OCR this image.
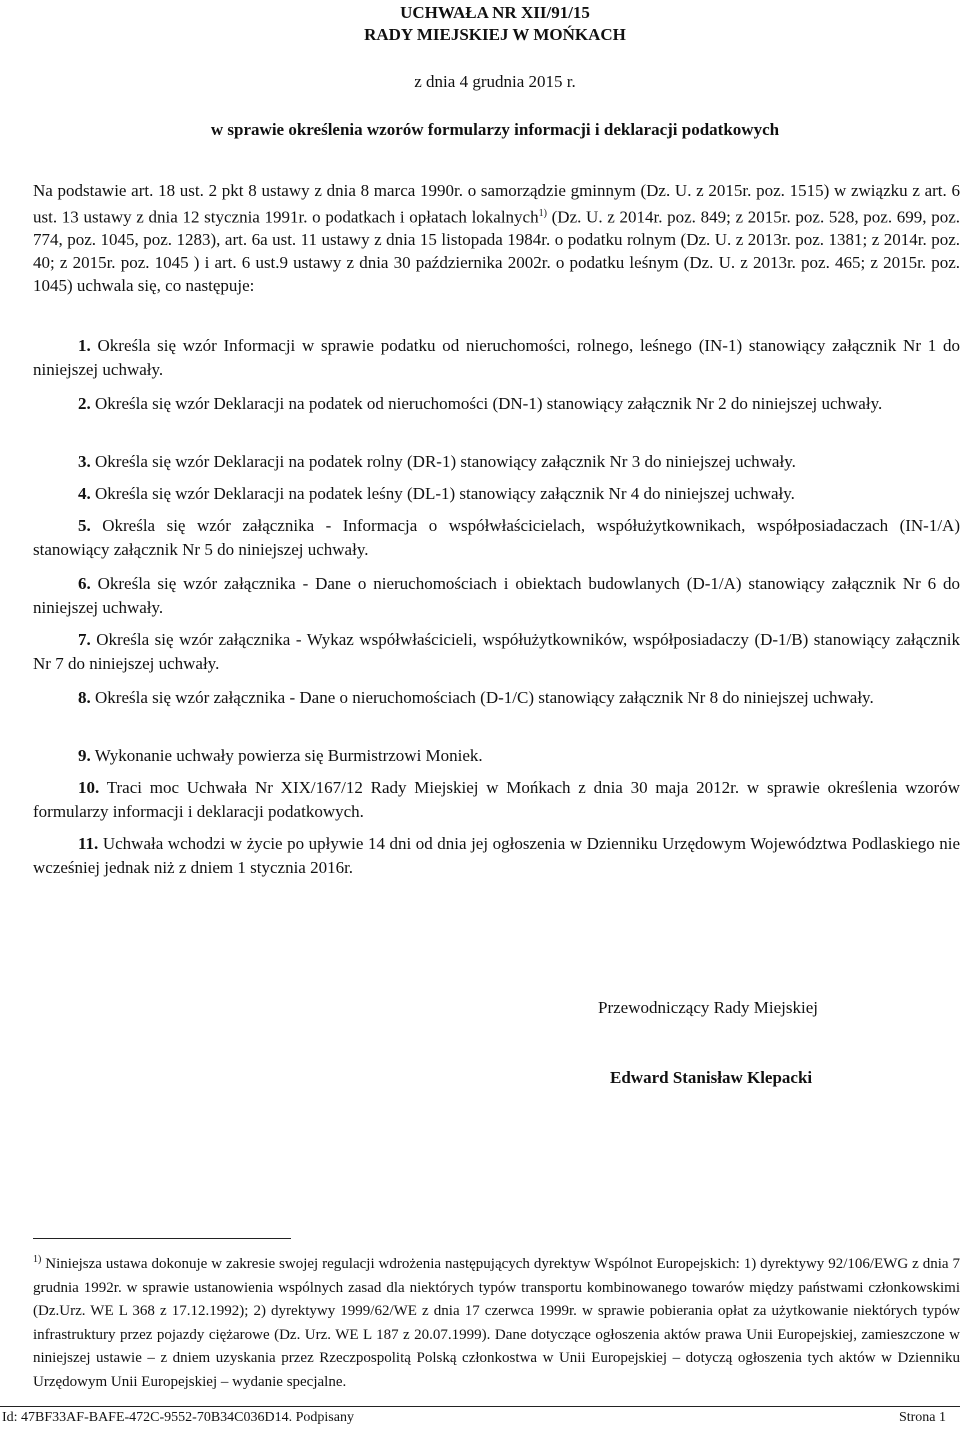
UCHWAŁA NR XII/91/15
RADY MIEJSKIEJ W MOŃKACH
z dnia 4 grudnia 2015 r.
w sprawie określenia wzorów formularzy informacji i deklaracji podatkowych
Na podstawie art. 18 ust. 2 pkt 8 ustawy z dnia 8 marca 1990r. o samorządzie gminnym (Dz. U. z 2015r. poz. 1515) w związku z art. 6 ust. 13 ustawy z dnia 12 stycznia 1991r. o podatkach i opłatach lokalnych$^{1)}$ (Dz. U. z 2014r. poz. 849; z 2015r. poz. 528, poz. 699, poz. 774, poz. 1045, poz. 1283), art. 6a ust. 11 ustawy z dnia 15 listopada 1984r. o podatku rolnym (Dz. U. z 2013r. poz. 1381; z 2014r. poz. 40; z 2015r. poz. 1045 ) i art. 6 ust.9 ustawy z dnia 30 października 2002r. o podatku leśnym (Dz. U. z 2013r. poz. 465; z 2015r. poz. 1045) uchwala się, co następuje:
1. Określa się wzór Informacji w sprawie podatku od nieruchomości, rolnego, leśnego (IN-1) stanowiący załącznik Nr 1 do niniejszej uchwały.
2. Określa się wzór Deklaracji na podatek od nieruchomości (DN-1) stanowiący załącznik Nr 2 do niniejszej uchwały.
3. Określa się wzór Deklaracji na podatek rolny (DR-1) stanowiący załącznik Nr 3 do niniejszej uchwały.
4. Określa się wzór Deklaracji na podatek leśny (DL-1) stanowiący załącznik Nr 4 do niniejszej uchwały.
5. Określa się wzór załącznika - Informacja o współwłaścicielach, współużytkownikach, współposiadaczach (IN-1/A) stanowiący załącznik Nr 5 do niniejszej uchwały.
6. Określa się wzór załącznika - Dane o nieruchomościach i obiektach budowlanych (D-1/A) stanowiący załącznik Nr 6 do niniejszej uchwały.
7. Określa się wzór załącznika - Wykaz współwłaścicieli, współużytkowników, współposiadaczy (D-1/B) stanowiący załącznik Nr 7 do niniejszej uchwały.
8. Określa się wzór załącznika - Dane o nieruchomościach (D-1/C) stanowiący załącznik Nr 8 do niniejszej uchwały.
9. Wykonanie uchwały powierza się Burmistrzowi Moniek.
10. Traci moc Uchwała Nr XIX/167/12 Rady Miejskiej w Mońkach z dnia 30 maja 2012r. w sprawie określenia wzorów formularzy informacji i deklaracji podatkowych.
11. Uchwała wchodzi w życie po upływie 14 dni od dnia jej ogłoszenia w Dzienniku Urzędowym Województwa Podlaskiego nie wcześniej jednak niż z dniem 1 stycznia 2016r.
Przewodniczący Rady Miejskiej
Edward Stanisław Klepacki
$^{1)}$ Niniejsza ustawa dokonuje w zakresie swojej regulacji wdrożenia następujących dyrektyw Wspólnot Europejskich: 1) dyrektywy 92/106/EWG z dnia 7 grudnia 1992r. w sprawie ustanowienia wspólnych zasad dla niektórych typów transportu kombinowanego towarów między państwami członkowskimi (Dz.Urz. WE L 368 z 17.12.1992); 2) dyrektywy 1999/62/WE z dnia 17 czerwca 1999r. w sprawie pobierania opłat za użytkowanie niektórych typów infrastruktury przez pojazdy ciężarowe (Dz. Urz. WE L 187 z 20.07.1999). Dane dotyczące ogłoszenia aktów prawa Unii Europejskiej, zamieszczone w niniejszej ustawie – z dniem uzyskania przez Rzeczpospolitą Polską członkostwa w Unii Europejskiej – dotyczą ogłoszenia tych aktów w Dzienniku Urzędowym Unii Europejskiej – wydanie specjalne.
Id: 47BF33AF-BAFE-472C-9552-70B34C036D14. Podpisany	Strona 1
